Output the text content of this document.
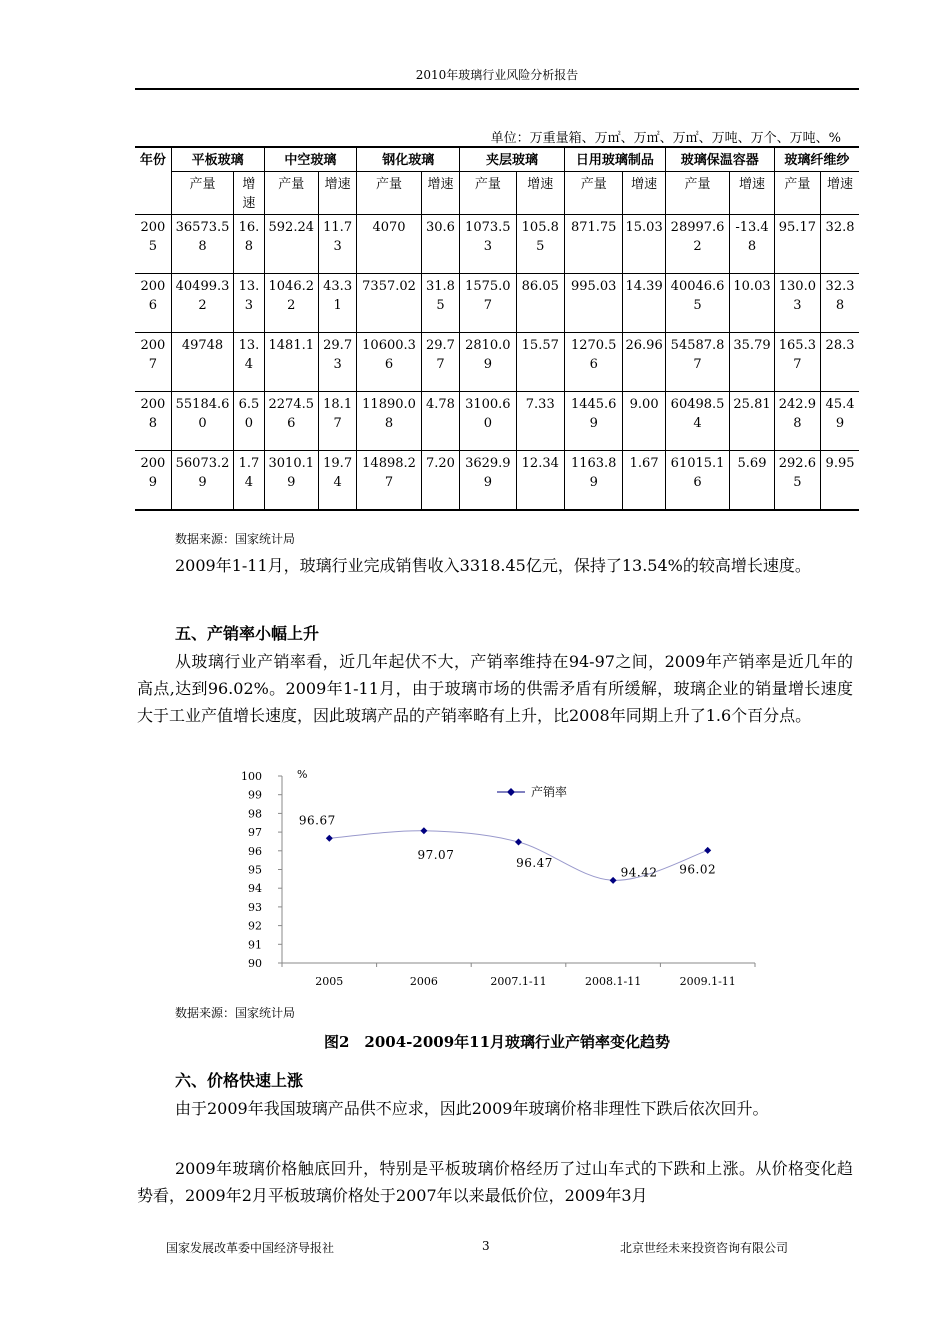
2010年玻璃行业风险分析报告
单位：万重量箱、万㎡、万㎡、万㎡、万吨、万个、万吨、%
年份	平板玻璃		中空玻璃		钢化玻璃		夹层玻璃		日用玻璃制品		玻璃保温容器		玻璃纤维纱	
	产量	增速	产量	增速	产量	增速	产量	增速	产量	增速	产量	增速	产量	增速
2005	36573.58	16.8	592.24	11.73	4070	30.6	1073.53	105.85	871.75	15.03	28997.62	-13.48	95.17	32.8
2006	40499.32	13.3	1046.22	43.31	7357.02	31.85	1575.07	86.05	995.03	14.39	40046.65	10.03	130.03	32.38
2007	49748	13.4	1481.1	29.73	10600.36	29.77	2810.09	15.57	1270.56	26.96	54587.87	35.79	165.37	28.3
2008	55184.60	6.50	2274.56	18.17	11890.08	4.78	3100.60	7.33	1445.69	9.00	60498.54	25.81	242.98	45.49
2009	56073.29	1.74	3010.19	19.74	14898.27	7.20	3629.99	12.34	1163.89	1.67	61015.16	5.69	292.65	9.95
数据来源：国家统计局
2009年1-11月，玻璃行业完成销售收入3318.45亿元，保持了13.54%的较高增长速度。
五、产销率小幅上升
从玻璃行业产销率看，近几年起伏不大，产销率维持在94-97之间，2009年产销率是近几年的高点,达到96.02%。2009年1-11月，由于玻璃市场的供需矛盾有所缓解，玻璃企业的销量增长速度大于工业产值增长速度，因此玻璃产品的产销率略有上升，比2008年同期上升了1.6个百分点。
90
91
92
93
94
95
96
97
98
99
100	%
产销率
96.67
97.07
96.47
94.42 96.02
2005	2006	2007.1-11	2008.1-11	2009.1-11
数据来源：国家统计局
图2　2004-2009年11月玻璃行业产销率变化趋势
六、价格快速上涨
由于2009年我国玻璃产品供不应求，因此2009年玻璃价格非理性下跌后依次回升。
2009年玻璃价格触底回升，特别是平板玻璃价格经历了过山车式的下跌和上涨。从价格变化趋势看，2009年2月平板玻璃价格处于2007年以来最低价位，2009年3月
国家发展改革委中国经济导报社	3	北京世经未来投资咨询有限公司
